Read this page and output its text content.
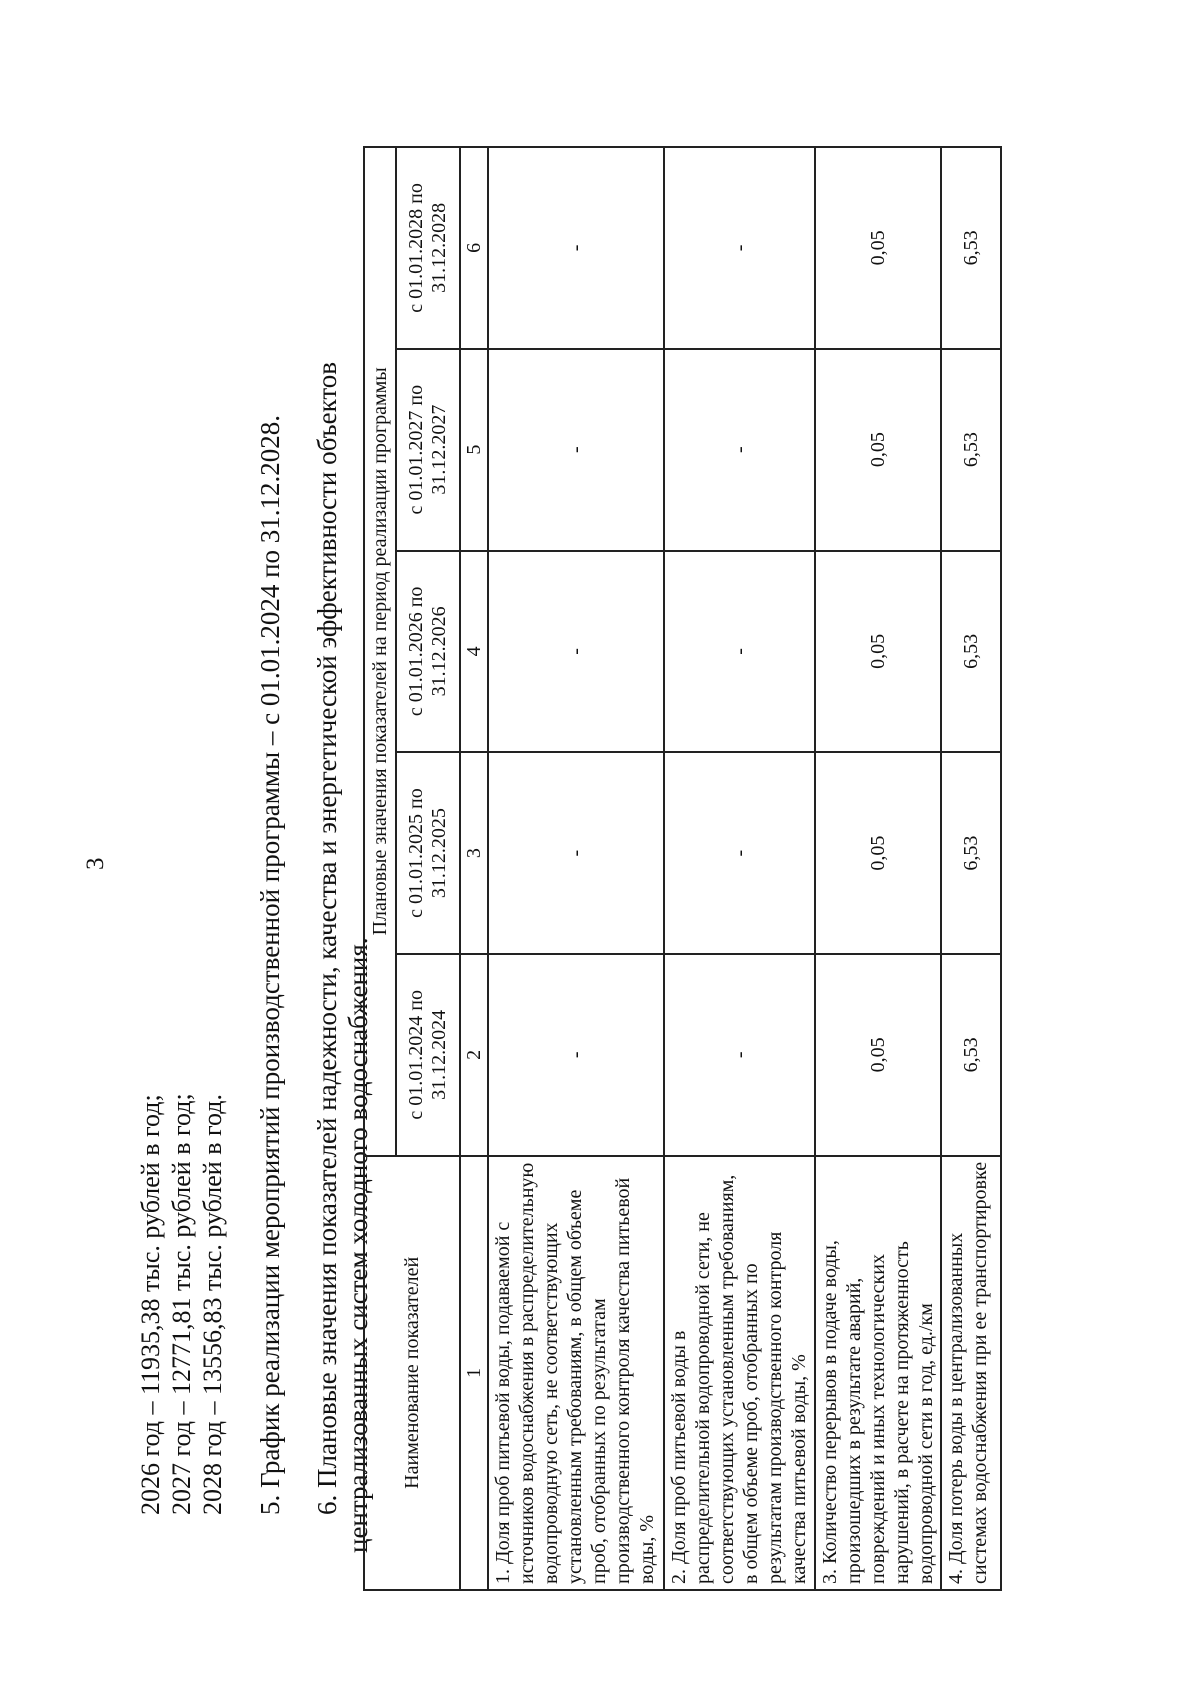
3
2026 год – 11935,38 тыс. рублей в год; 2027 год – 12771,81 тыс. рублей в год; 2028 год – 13556,83 тыс. рублей в год. 5. График реализации мероприятий производственной программы – с 01.01.2024 по 31.12.2028. 6. Плановые значения показателей надежности, качества и энергетической эффективности объектов централизованных систем холодного водоснабжения. Наименование показателей	Плановые значения показателей на период реализации программы				
	с 01.01.2024 по 31.12.2024	с 01.01.2025 по 31.12.2025	с 01.01.2026 по 31.12.2026	с 01.01.2027 по 31.12.2027	с 01.01.2028 по 31.12.2028
1	2	3	4	5	6
1. Доля проб питьевой воды, подаваемой с источников водоснабжения в распределительную водопроводную сеть, не соответствующих установленным требованиям, в общем объеме проб, отобранных по результатам производственного контроля качества питьевой воды, %	-	-	-	-	-
2. Доля проб питьевой воды в распределительной водопроводной сети, не соответствующих установленным требованиям, в общем объеме проб, отобранных по результатам производственного контроля качества питьевой воды, %	-	-	-	-	-
3. Количество перерывов в подаче воды, произошедших в результате аварий, повреждений и иных технологических нарушений, в расчете на протяженность водопроводной сети в год, ед./км	0,05	0,05	0,05	0,05	0,05
4. Доля потерь воды в централизованных системах водоснабжения при ее транспортировке	6,53	6,53	6,53	6,53	6,53
